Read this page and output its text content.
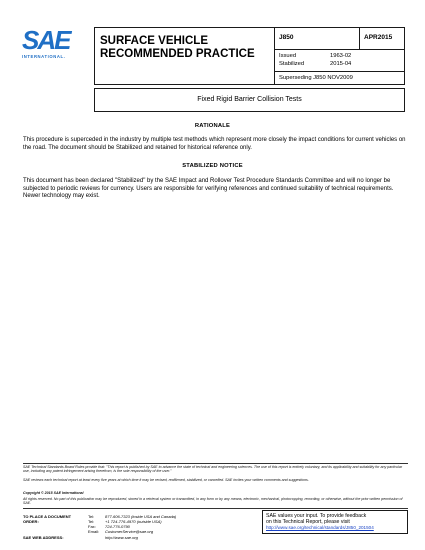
SAE
INTERNATIONAL.
SURFACE VEHICLE
RECOMMENDED PRACTICE
J850	APR2015
Issued	1963-02
Stabilized	2015-04
Superseding J850 NOV2009
Fixed Rigid Barrier Collision Tests
RATIONALE
This procedure is superceded in the industry by multiple test methods which represent more closely the impact conditions for current vehicles on the road. The document should be Stabilized and retained for historical reference only.
STABILIZED NOTICE
This document has been declared "Stabilized" by the SAE Impact and Rollover Test Procedure Standards Committee and will no longer be subjected to periodic reviews for currency. Users are responsible for verifying references and continued suitability of technical requirements. Newer technology may exist.
SAE Technical Standards Board Rules provide that: "This report is published by SAE to advance the state of technical and engineering sciences. The use of this report is entirely voluntary, and its applicability and suitability for any particular use, including any patent infringement arising therefrom, is the sole responsibility of the user."
SAE reviews each technical report at least every five years at which time it may be revised, reaffirmed, stabilized, or cancelled. SAE invites your written comments and suggestions.
Copyright © 2015 SAE International
All rights reserved. No part of this publication may be reproduced, stored in a retrieval system or transmitted, in any form or by any means, electronic, mechanical, photocopying, recording, or otherwise, without the prior written permission of SAE.
TO PLACE A DOCUMENT ORDER:
Tel:	877-606-7323 (inside USA and Canada)
Tel:	+1 724-776-4970 (outside USA)
Fax:	724-776-0790
Email:	CustomerService@sae.org
SAE WEB ADDRESS:	http://www.sae.org
SAE values your input. To provide feedback
on this Technical Report, please visit
http://www.sae.org/technical/standards/J850_201504
